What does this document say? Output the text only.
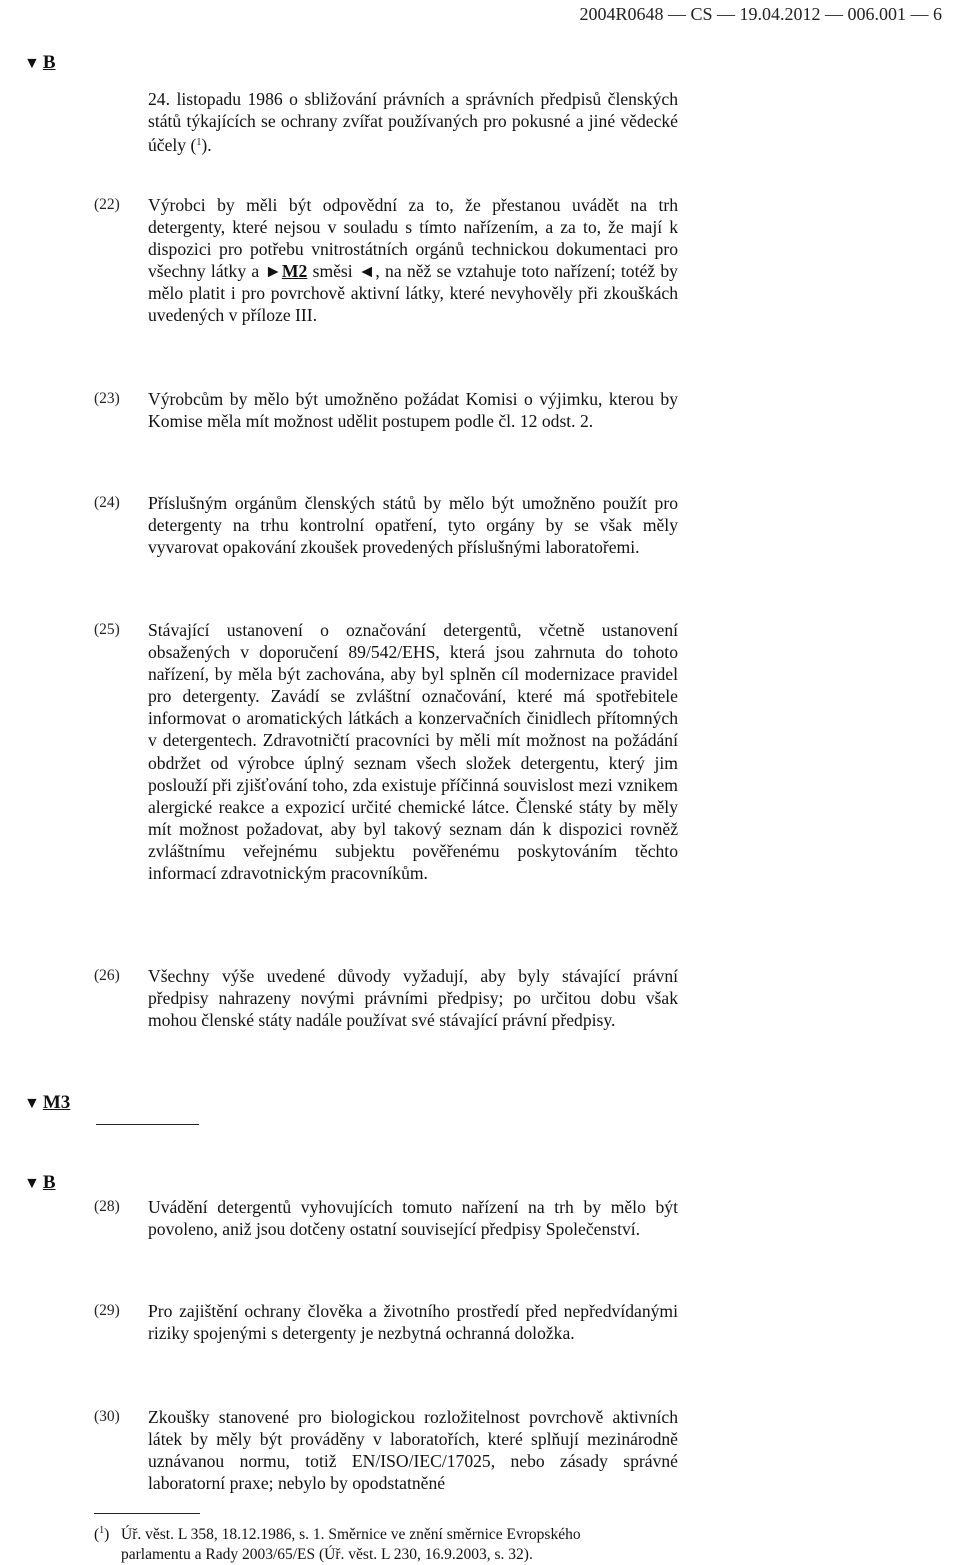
2004R0648 — CS — 19.04.2012 — 006.001 — 6
▼ B
24. listopadu 1986 o sbližování právních a správních předpisů členských států týkajících se ochrany zvířat používaných pro pokusné a jiné vědecké účely ($^1$).
(22) Výrobci by měli být odpovědní za to, že přestanou uvádět na trh detergenty, které nejsou v souladu s tímto nařízením, a za to, že mají k dispozici pro potřebu vnitrostátních orgánů technickou dokumentaci pro všechny látky a ►M2 směsi ◄, na něž se vztahuje toto nařízení; totéž by mělo platit i pro povrchově aktivní látky, které nevyhověly při zkouškách uvedených v příloze III.
(23) Výrobcům by mělo být umožněno požádat Komisi o výjimku, kterou by Komise měla mít možnost udělit postupem podle čl. 12 odst. 2.
(24) Příslušným orgánům členských států by mělo být umožněno použít pro detergenty na trhu kontrolní opatření, tyto orgány by se však měly vyvarovat opakování zkoušek provedených příslušnými laboratořemi.
(25) Stávající ustanovení o označování detergentů, včetně ustanovení obsažených v doporučení 89/542/EHS, která jsou zahrnuta do tohoto nařízení, by měla být zachována, aby byl splněn cíl modernizace pravidel pro detergenty. Zavádí se zvláštní označování, které má spotřebitele informovat o aromatických látkách a konzervačních činidlech přítomných v detergentech. Zdravotničtí pracovníci by měli mít možnost na požádání obdržet od výrobce úplný seznam všech složek detergentu, který jim poslouží při zjišťování toho, zda existuje příčinná souvislost mezi vznikem alergické reakce a expozicí určité chemické látce. Členské státy by měly mít možnost požadovat, aby byl takový seznam dán k dispozici rovněž zvláštnímu veřejnému subjektu pověřenému poskytováním těchto informací zdravotnickým pracovníkům.
(26) Všechny výše uvedené důvody vyžadují, aby byly stávající právní předpisy nahrazeny novými právními předpisy; po určitou dobu však mohou členské státy nadále používat své stávající právní předpisy.
▼ M3
▼ B
(28) Uvádění detergentů vyhovujících tomuto nařízení na trh by mělo být povoleno, aniž jsou dotčeny ostatní související předpisy Společenství.
(29) Pro zajištění ochrany člověka a životního prostředí před nepředvídanými riziky spojenými s detergenty je nezbytná ochranná doložka.
(30) Zkoušky stanovené pro biologickou rozložitelnost povrchově aktivních látek by měly být prováděny v laboratořích, které splňují mezinárodně uznávanou normu, totiž EN/ISO/IEC/17025, nebo zásady správné laboratorní praxe; nebylo by opodstatněné
($^1$) Úř. věst. L 358, 18.12.1986, s. 1. Směrnice ve znění směrnice Evropského
parlamentu a Rady 2003/65/ES (Úř. věst. L 230, 16.9.2003, s. 32).
